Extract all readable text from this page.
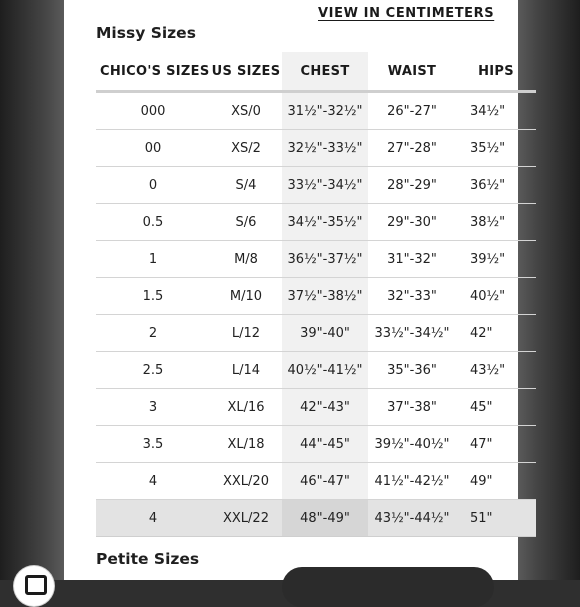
VIEW IN CENTIMETERS
Missy Sizes
CHICO'S SIZES	US SIZES	CHEST	WAIST	HIPS
000	XS/0	31½"-32½"	26"-27"	34½"
00	XS/2	32½"-33½"	27"-28"	35½"
0	S/4	33½"-34½"	28"-29"	36½"
0.5	S/6	34½"-35½"	29"-30"	38½"
1	M/8	36½"-37½"	31"-32"	39½"
1.5	M/10	37½"-38½"	32"-33"	40½"
2	L/12	39"-40"	33½"-34½"	42"
2.5	L/14	40½"-41½"	35"-36"	43½"
3	XL/16	42"-43"	37"-38"	45"
3.5	XL/18	44"-45"	39½"-40½"	47"
4	XXL/20	46"-47"	41½"-42½"	49"
4	XXL/22	48"-49"	43½"-44½"	51"
Petite Sizes
